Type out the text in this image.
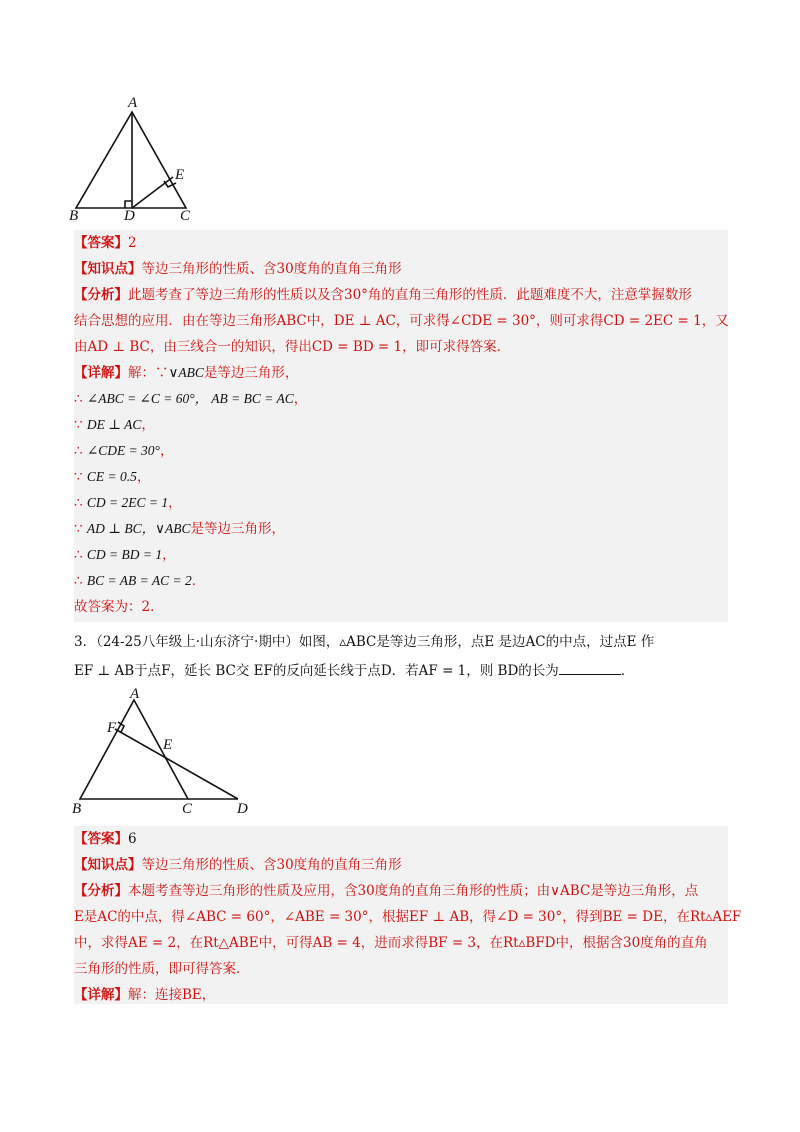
A
B	C
D
E

【答案】2

【知识点】等边三角形的性质、含30度角的直角三角形

【分析】此题考查了等边三角形的性质以及含30°角的直角三角形的性质．此题难度不大，注意掌握数形

结合思想的应用．由在等边三角形ABC中，DE ⊥ AC，可求得∠CDE = 30°，则可求得CD = 2EC = 1，又

由AD ⊥ BC，由三线合一的知识，得出CD = BD = 1，即可求得答案．

【详解】解：∵∨ABC是等边三角形，

∴ ∠ABC = ∠C = 60°， AB = BC = AC，

∵ DE ⊥ AC，

∴ ∠CDE = 30°，

∵ CE = 0.5，

∴ CD = 2EC = 1，

∵ AD ⊥ BC，∨ABC是等边三角形，

∴ CD = BD = 1，

∴ BC = AB = AC = 2．

故答案为：2．

3．（24-25八年级上·山东济宁·期中）如图，▵ABC是等边三角形，点E 是边AC的中点，过点E 作
EF ⊥ AB于点F，延长 BC交 EF的反向延长线于点D．若AF = 1，则 BD的长为	．
A
F
E
B	C	D

【答案】6

【知识点】等边三角形的性质、含30度角的直角三角形

【分析】本题考查等边三角形的性质及应用，含30度角的直角三角形的性质；由∨ABC是等边三角形，点

E是AC的中点，得∠ABC = 60°，∠ABE = 30°，根据EF ⊥ AB，得∠D = 30°，得到BE = DE，在Rt▵AEF

中，求得AE = 2，在Rt△ABE中，可得AB = 4，进而求得BF = 3，在Rt▵BFD中，根据含30度角的直角

三角形的性质，即可得答案．

【详解】解：连接BE，
